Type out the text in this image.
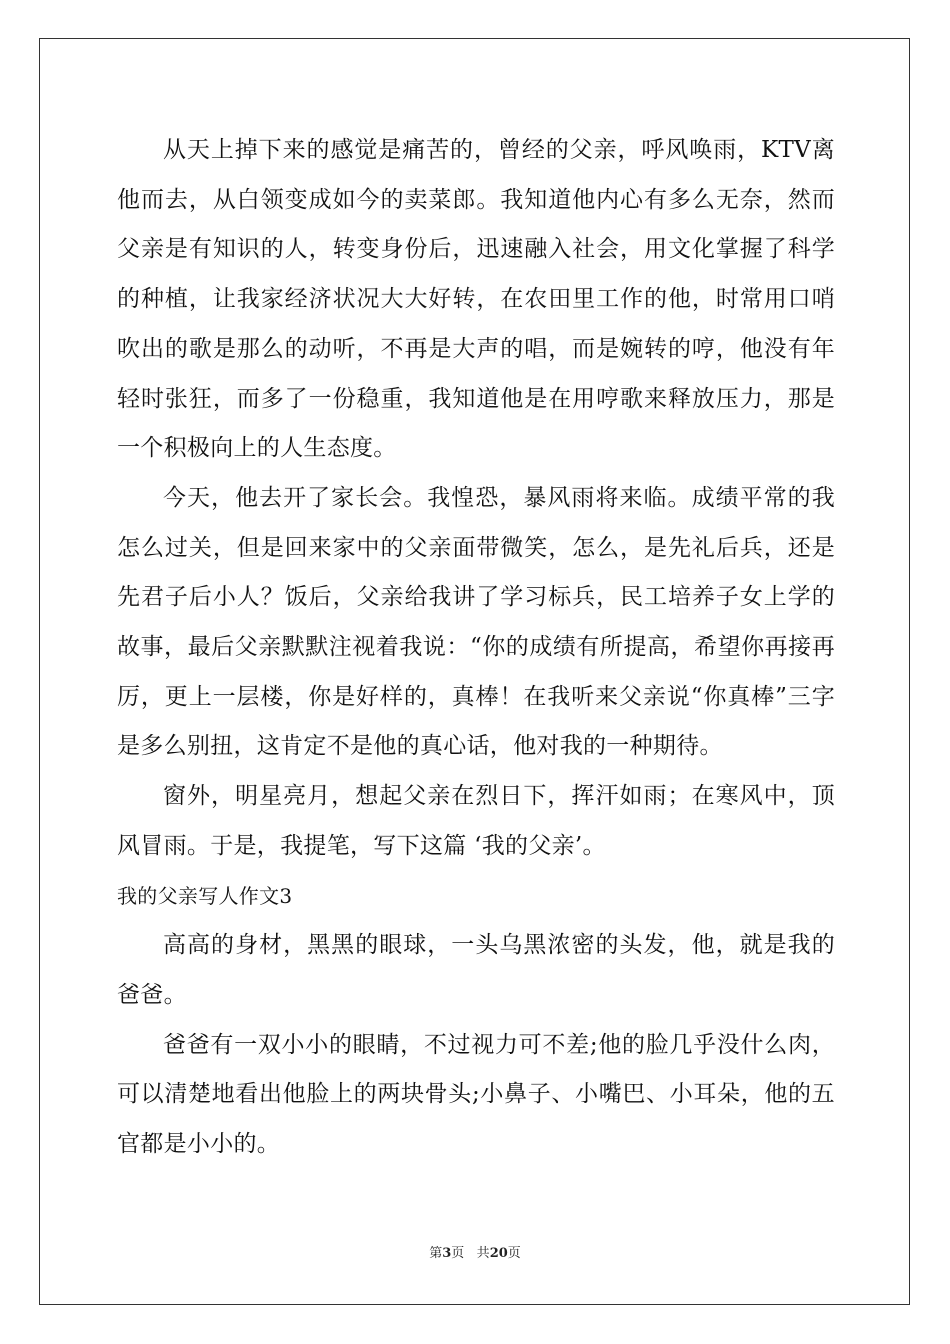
从天上掉下来的感觉是痛苦的，曾经的父亲，呼风唤雨，KTV离他而去，从白领变成如今的卖菜郎。我知道他内心有多么无奈，然而父亲是有知识的人，转变身份后，迅速融入社会，用文化掌握了科学的种植，让我家经济状况大大好转，在农田里工作的他，时常用口哨吹出的歌是那么的动听，不再是大声的唱，而是婉转的哼，他没有年轻时张狂，而多了一份稳重，我知道他是在用哼歌来释放压力，那是一个积极向上的人生态度。

今天，他去开了家长会。我惶恐，暴风雨将来临。成绩平常的我怎么过关，但是回来家中的父亲面带微笑，怎么，是先礼后兵，还是先君子后小人？饭后，父亲给我讲了学习标兵，民工培养子女上学的故事，最后父亲默默注视着我说：“你的成绩有所提高，希望你再接再厉，更上一层楼，你是好样的，真棒！在我听来父亲说“你真棒”三字是多么别扭，这肯定不是他的真心话，他对我的一种期待。

窗外，明星亮月，想起父亲在烈日下，挥汗如雨；在寒风中，顶风冒雨。于是，我提笔，写下这篇 ‘我的父亲’。

我的父亲写人作文3

高高的身材，黑黑的眼球，一头乌黑浓密的头发，他，就是我的爸爸。

爸爸有一双小小的眼睛，不过视力可不差;他的脸几乎没什么肉，可以清楚地看出他脸上的两块骨头;小鼻子、小嘴巴、小耳朵，他的五官都是小小的。

第3页 共20页
